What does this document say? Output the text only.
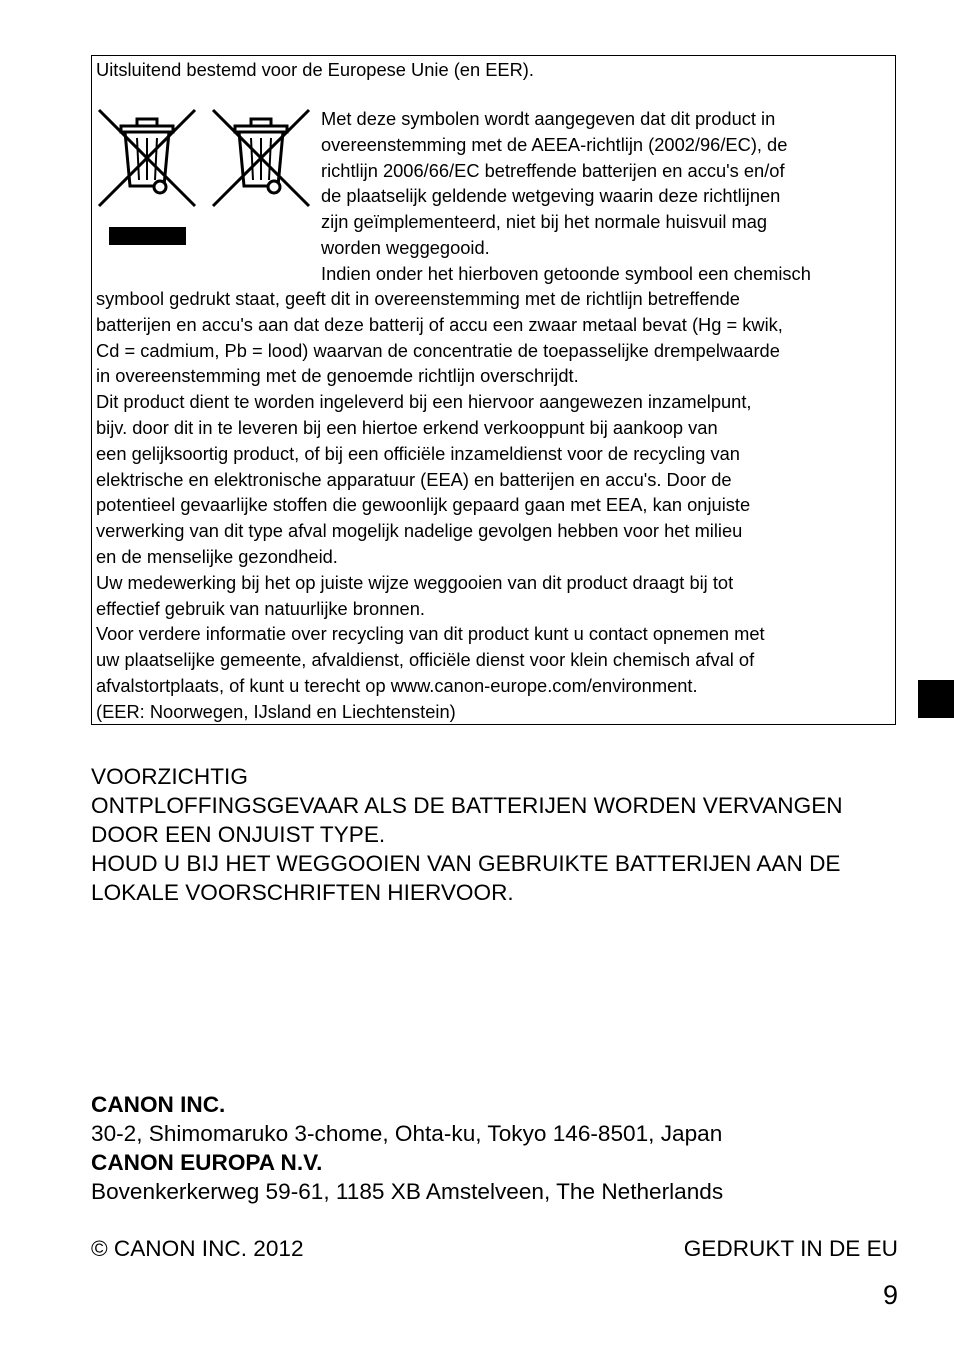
Uitsluitend bestemd voor de Europese Unie (en EER).
Met deze symbolen wordt aangegeven dat dit product in
overeenstemming met de AEEA-richtlijn (2002/96/EC), de
richtlijn 2006/66/EC betreffende batterijen en accu's en/of
de plaatselijk geldende wetgeving waarin deze richtlijnen
zijn geïmplementeerd, niet bij het normale huisvuil mag
worden weggegooid.
Indien onder het hierboven getoonde symbool een chemisch
symbool gedrukt staat, geeft dit in overeenstemming met de richtlijn betreffende
batterijen en accu's aan dat deze batterij of accu een zwaar metaal bevat (Hg = kwik,
Cd = cadmium, Pb = lood) waarvan de concentratie de toepasselijke drempelwaarde
in overeenstemming met de genoemde richtlijn overschrijdt.
Dit product dient te worden ingeleverd bij een hiervoor aangewezen inzamelpunt,
bijv. door dit in te leveren bij een hiertoe erkend verkooppunt bij aankoop van
een gelijksoortig product, of bij een officiële inzameldienst voor de recycling van
elektrische en elektronische apparatuur (EEA) en batterijen en accu's. Door de
potentieel gevaarlijke stoffen die gewoonlijk gepaard gaan met EEA, kan onjuiste
verwerking van dit type afval mogelijk nadelige gevolgen hebben voor het milieu
en de menselijke gezondheid.
Uw medewerking bij het op juiste wijze weggooien van dit product draagt bij tot
effectief gebruik van natuurlijke bronnen.
Voor verdere informatie over recycling van dit product kunt u contact opnemen met
uw plaatselijke gemeente, afvaldienst, officiële dienst voor klein chemisch afval of
afvalstortplaats, of kunt u terecht op www.canon-europe.com/environment.
(EER: Noorwegen, IJsland en Liechtenstein)
VOORZICHTIG
ONTPLOFFINGSGEVAAR ALS DE BATTERIJEN WORDEN VERVANGEN
DOOR EEN ONJUIST TYPE.
HOUD U BIJ HET WEGGOOIEN VAN GEBRUIKTE BATTERIJEN AAN DE
LOKALE VOORSCHRIFTEN HIERVOOR.
CANON INC.
30-2, Shimomaruko 3-chome, Ohta-ku, Tokyo 146-8501, Japan
CANON EUROPA N.V.
Bovenkerkerweg 59-61, 1185 XB Amstelveen, The Netherlands
© CANON INC. 2012	GEDRUKT IN DE EU
9
